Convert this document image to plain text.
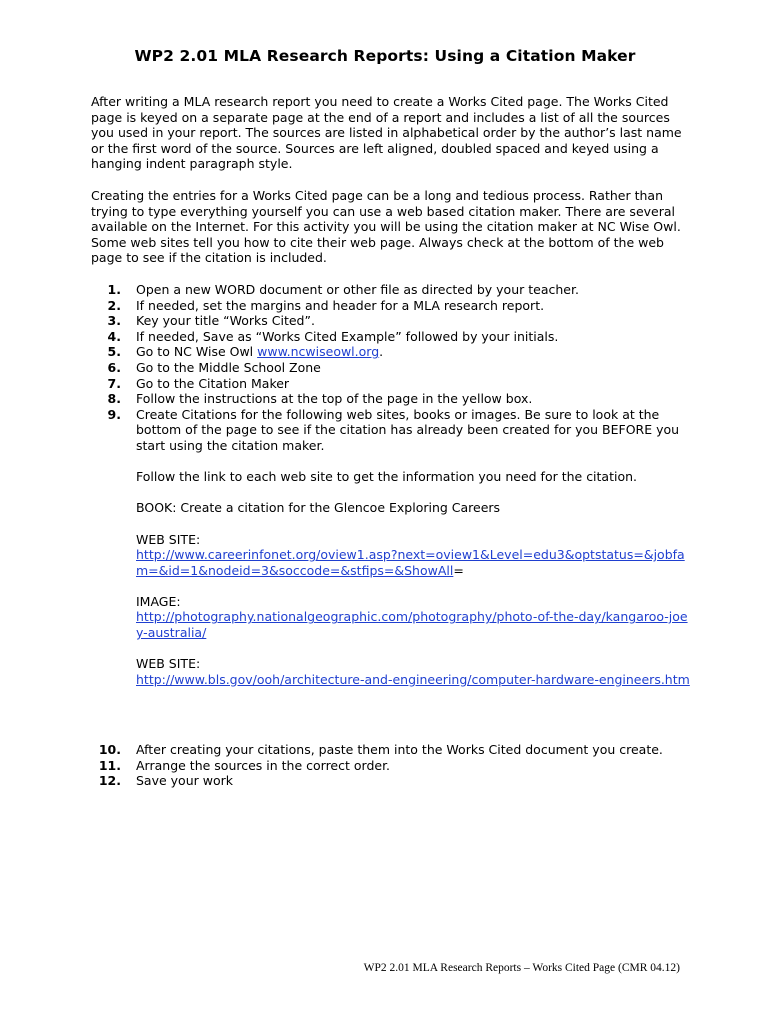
WP2 2.01 MLA Research Reports: Using a Citation Maker

After writing a MLA research report you need to create a Works Cited page. The Works Cited page is keyed on a separate page at the end of a report and includes a list of all the sources you used in your report. The sources are listed in alphabetical order by the author’s last name or the first word of the source. Sources are left aligned, doubled spaced and keyed using a hanging indent paragraph style.

Creating the entries for a Works Cited page can be a long and tedious process. Rather than trying to type everything yourself you can use a web based citation maker. There are several available on the Internet. For this activity you will be using the citation maker at NC Wise Owl. Some web sites tell you how to cite their web page. Always check at the bottom of the web page to see if the citation is included.

1. Open a new WORD document or other file as directed by your teacher.
2. If needed, set the margins and header for a MLA research report.
3. Key your title “Works Cited”.
4. If needed, Save as “Works Cited Example” followed by your initials.
5. Go to NC Wise Owl www.ncwiseowl.org.
6. Go to the Middle School Zone
7. Go to the Citation Maker
8. Follow the instructions at the top of the page in the yellow box.
9. Create Citations for the following web sites, books or images. Be sure to look at the bottom of the page to see if the citation has already been created for you BEFORE you start using the citation maker.

Follow the link to each web site to get the information you need for the citation.

BOOK: Create a citation for the Glencoe Exploring Careers

WEB SITE:

http://www.careerinfonet.org/oview1.asp?next=oview1&Level=edu3&optstatus=&jobfam=&id=1&nodeid=3&soccode=&stfips=&ShowAll=

IMAGE:

http://photography.nationalgeographic.com/photography/photo-of-the-day/kangaroo-joey-australia/

WEB SITE:

http://www.bls.gov/ooh/architecture-and-engineering/computer-hardware-engineers.htm

10. After creating your citations, paste them into the Works Cited document you create.
11. Arrange the sources in the correct order.
12. Save your work
WP2 2.01 MLA Research Reports – Works Cited Page (CMR 04.12)
